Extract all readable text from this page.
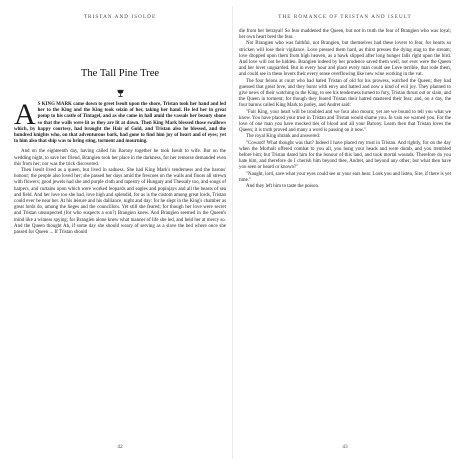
TRISTAN AND ISOLDE
The Tall Pine Tree

A S KING MARK came down to greet Iseult upon the shore, Tristan took her hand and led her to the King and the King took seizin of her, taking her hand. He led her in great pomp to his castle of Tintagel, and as she came in hall amid the vassals her beauty shone so that the walls were lit as they are lit at dawn. Then King Mark blessed those swallows which, by happy courtesy, had brought the Hair of Gold, and Tristan also he blessed, and the hundred knights who, on that adventurous bark, had gone to find him joy of heart and of eyes; yet to him also that ship was to bring sting, torment and mourning.

And on the eighteenth day, having called his Barony together he took Iseult to wife. But on the wedding night, to save her friend, Brangien took her place in the darkness, for her remorse demanded even this from her; nor was the trick discovered.

Then Iseult lived as a queen, but lived in sadness. She had King Mark's tenderness and the barons' honour; the people also loved her; she passed her days amid the frescoes on the walls and floors all strewn with flowers; good jewels had she and purple cloth and tapestry of Hungary and Thessaly too, and songs of harpers, and curtains upon which were worked leopards and eagles and popinjays and all the beasts of sea and field. And her love too she had, love high and splendid, for as is the custom among great lords, Tristan could ever be near her. At his leisure and his dalliance, night and day: for he slept in the King's chamber as great lords do, among the lieges and the councillors. Yet still she feared; for though her love were secret and Tristan unsuspected (for who suspects a son?) Brangien knew. And Brangien seemed in the Queen's mind like a witness spying; for Brangien alone knew what manner of life she led, and held her at mercy so. And the Queen thought Ah, if some day she should weary of serving as a slave the bed where once she passed for Queen ... If Tristan should

42
THE ROMANCE OF TRISTAN AND ISEULT

die from her betrayal! So fear maddened the Queen, but not in truth the fear of Brangien who was loyal; her own heart bred the fear.

Not Brangien who was faithful, not Brangien, but themselves had these lovers to fear, for hearts so stricken will lose their vigilance. Love pressed them hard, as thirst presses the dying stag to the stream; love dropped upon them from high heaven, as a hawk slipped after long hunger falls right upon the bird. And love will not be hidden. Brangien indeed by her prudence saved them well, nor ever were the Queen and her lover unguarded. But in every hour and place every man could see Love terrible, that rode them, and could see in these lovers their every sense overflowing like new wine working in the vat.

The four felons at court who had hated Tristan of old for his prowess, watched the Queen; they had guessed that great love, and they burnt with envy and hatred and now a kind of evil joy. They planned to give news of their watching to the King, to see his tenderness turned to fury, Tristan thrust out or slain, and the Queen in torment; for though they feared Tristan their hatred mastered their fear; and, on a day, the four barons called King Mark to parley, and Andret said:

"Fair King, your heart will be troubled and we four also mourn; yet are we bound to tell you what we know. You have placed your trust in Tristan and Tristan would shame you. In vain we warned you. For the love of one man you have mocked ties of blood and all your Barony. Learn then that Tristan loves the Queen; it is truth proved and many a word is passing on it now."

The royal King shrank and answered:

"Coward! What thought was that? Indeed I have placed my trust in Tristan. And rightly, for on the day when the Morholt offered combat to you all, you hung your heads and were dumb, and you trembled before him; but Tristan dared him for the honour of this land, and took mortal wounds. Therefore do you hate him, and therefore do I cherish him beyond thee, Andret, and beyond any other; but what then have you seen or heard or known?"

"Naught, lord, save what your eyes could see or your ears hear. Look you and listen, Sire, if there is yet time."

And they left him to taste the poison.

43
